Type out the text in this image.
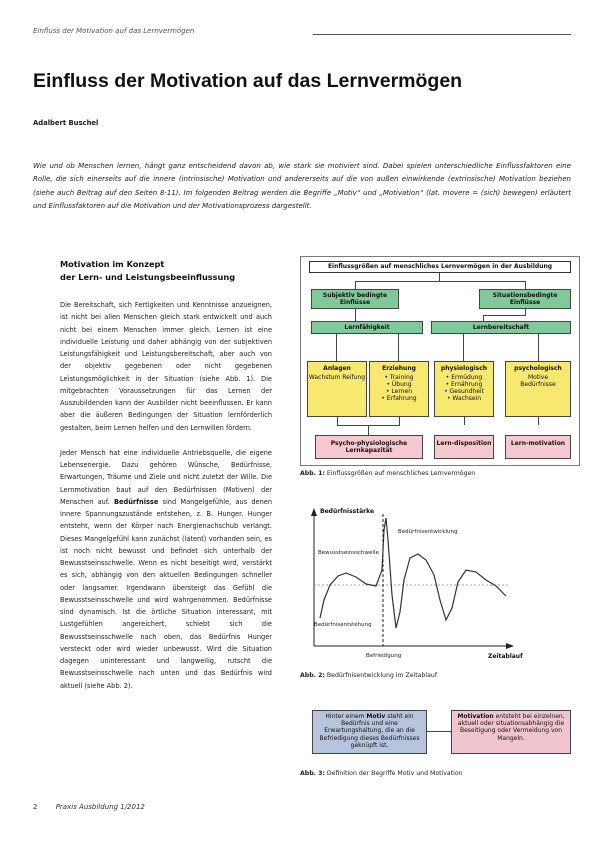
Einfluss der Motivation auf das Lernvermögen
Einfluss der Motivation auf das Lernvermögen
Adalbert Buschel

Wie und ob Menschen lernen, hängt ganz entscheidend davon ab, wie stark sie motiviert sind. Dabei spielen unterschiedliche Einflussfaktoren eine Rolle, die sich einerseits auf die innere (intrinsische) Motivation und andererseits auf die von außen einwirkende (extrinsische) Motivation beziehen (siehe auch Beitrag auf den Seiten 8-11). Im folgenden Beitrag werden die Begriffe „Motiv“ und „Motivation“ (lat. movere = (sich) bewegen) erläutert und Einflussfaktoren auf die Motivation und der Motivationsprozess dargestellt.

Motivation im Konzept
der Lern- und Leistungsbeeinflussung

Die Bereitschaft, sich Fertigkeiten und Kenntnisse anzueignen, ist nicht bei allen Menschen gleich stark entwickelt und auch nicht bei einem Menschen immer gleich. Lernen ist eine individuelle Leistung und daher abhängig von der subjektiven Leistungsfähigkeit und Leistungsbereitschaft, aber auch von der objektiv gegebenen oder nicht gegebenen Leistungsmöglichkeit in der Situation (siehe Abb. 1). Die mitgebrachten Voraussetzungen für das Lernen der Auszubildenden kann der Ausbilder nicht beeinflussen. Er kann aber die äußeren Bedingungen der Situation lernförderlich gestalten, beim Lernen helfen und den Lernwillen fördern.

Jeder Mensch hat eine individuelle Antriebsquelle, die eigene Lebensenergie. Dazu gehören Wünsche, Bedürfnisse, Erwartungen, Träume und Ziele und nicht zuletzt der Wille. Die Lernmotivation baut auf den Bedürfnissen (Motiven) der Menschen auf. Bedürfnisse sind Mangelgefühle, aus denen innere Spannungszustände entstehen, z. B. Hunger. Hunger entsteht, wenn der Körper nach Energienachschub verlangt. Dieses Mangelgefühl kann zunächst (latent) vorhanden sein, es ist noch nicht bewusst und befindet sich unterhalb der Bewusstseinsschwelle. Wenn es nicht beseitigt wird, verstärkt es sich, abhängig von den aktuellen Bedingungen schneller oder langsamer. Irgendwann übersteigt das Gefühl die Bewusstseinsschwelle und wird wahrgenommen. Bedürfnisse sind dynamisch. Ist die örtliche Situation interessant, mit Lustgefühlen angereichert, schiebt sich die Bewusstseinsschwelle nach oben, das Bedürfnis Hunger versteckt oder wird wieder unbewusst. Wird die Situation dagegen uninteressant und langweilig, rutscht die Bewusstseinsschwelle nach unten und das Bedürfnis wird aktuell (siehe Abb. 2).

Einflussgrößen auf menschliches Lernvermögen in der Ausbildung
Subjektiv bedingte Einflüsse
Situationsbedingte Einflüsse
Lernfähigkeit	Lernbereitschaft
Anlagen
Wachstum Reifung
Erziehung
• Training
• Übung
• Lernen
• Erfahrung
physiologisch
• Ermüdung
• Ernährung
• Gesundheit
• Wachsein
psychologisch
Motive
Bedürfnisse
Psycho-physiologische Lernkapazität
Lern-disposition	Lern-motivation
Abb. 1: Einflussgrößen auf menschliches Lernvermögen
Bedürfnisstärke
Bedürfnisentwicklung
Bewusstseinsschwelle
Bedürfnisentstehung
Befriedigung	Zeitablauf
Abb. 2: Bedürfnisentwicklung im Zeitablauf
Hinter einem Motiv steht ein Bedürfnis und eine Erwartungshaltung, die an die Befriedigung dieses Bedürfnisses geknüpft ist.
Motivation entsteht bei einzelnen, aktuell oder situationsabhängig die Beseitigung oder Vermeidung von Mangeln.
Abb. 3: Definition der Begriffe Motiv und Motivation
2	Praxis Ausbildung 1/2012
